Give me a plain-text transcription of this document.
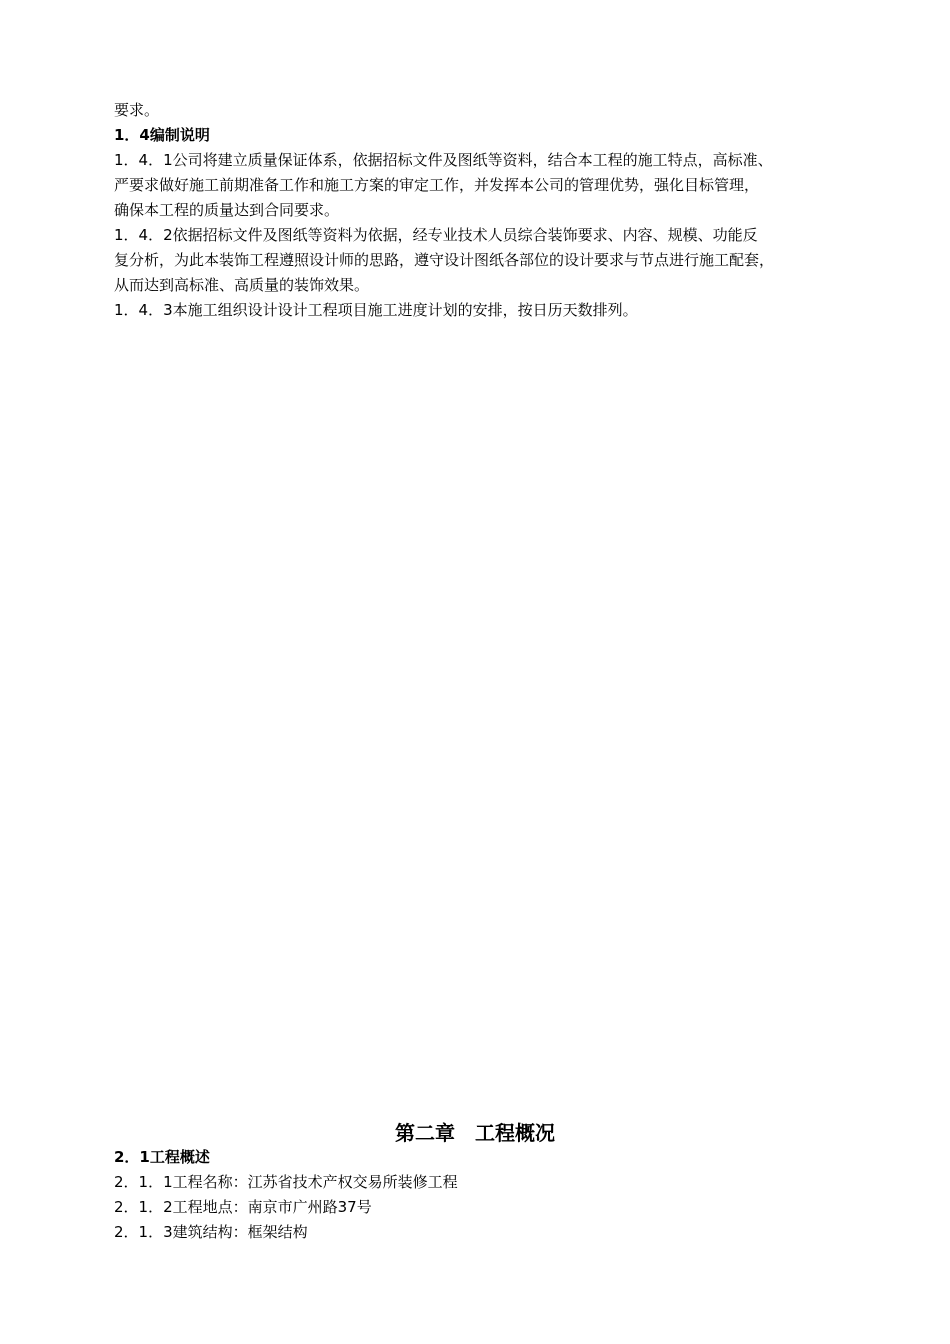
要求。
1．4编制说明
1．4．1公司将建立质量保证体系，依据招标文件及图纸等资料，结合本工程的施工特点，高标准、
严要求做好施工前期准备工作和施工方案的审定工作，并发挥本公司的管理优势，强化目标管理，
确保本工程的质量达到合同要求。
1．4．2依据招标文件及图纸等资料为依据，经专业技术人员综合装饰要求、内容、规模、功能反
复分析，为此本装饰工程遵照设计师的思路，遵守设计图纸各部位的设计要求与节点进行施工配套，
从而达到高标准、高质量的装饰效果。
1．4．3本施工组织设计设计工程项目施工进度计划的安排，按日历天数排列。
第二章　工程概况
2．1工程概述
2．1．1工程名称：江苏省技术产权交易所装修工程
2．1．2工程地点：南京市广州路37号
2．1．3建筑结构：框架结构
